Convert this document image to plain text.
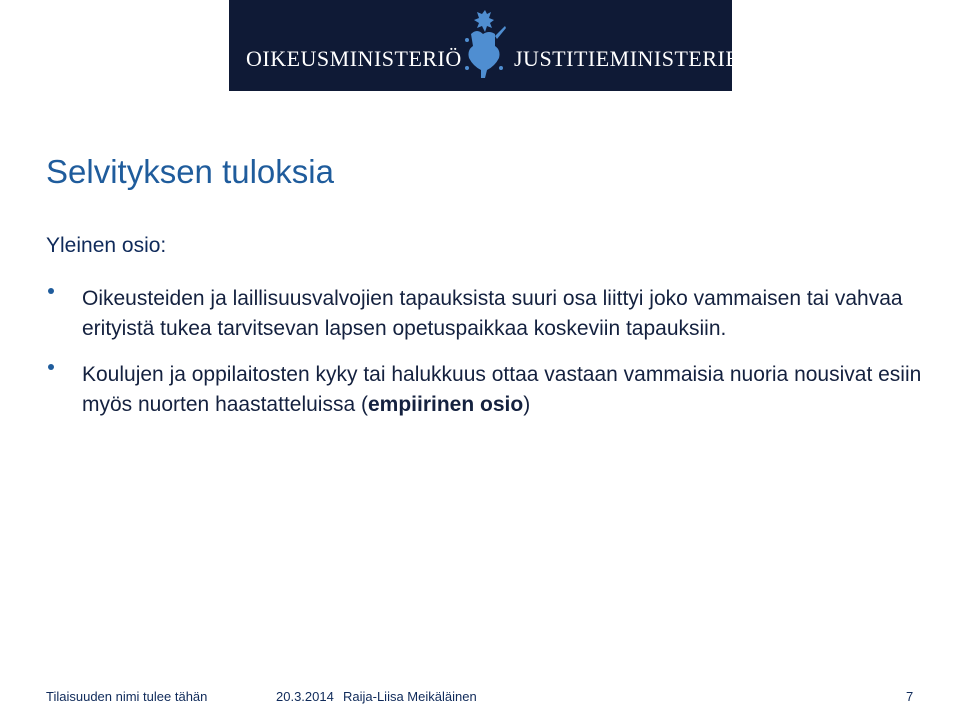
OIKEUSMINISTERIÖ JUSTITIEMINISTERIET
Selvityksen tuloksia
Yleinen osio:
Oikeusteiden ja laillisuusvalvojien tapauksista suuri osa liittyi joko vammaisen tai vahvaa erityistä tukea tarvitsevan lapsen opetuspaikkaa koskeviin tapauksiin.
Koulujen ja oppilaitosten kyky tai halukkuus ottaa vastaan vammaisia nuoria nousivat esiin myös nuorten haastatteluissa (empiirinen osio)
Tilaisuuden nimi tulee tähän	20.3.2014 Raija-Liisa Meikäläinen	7
